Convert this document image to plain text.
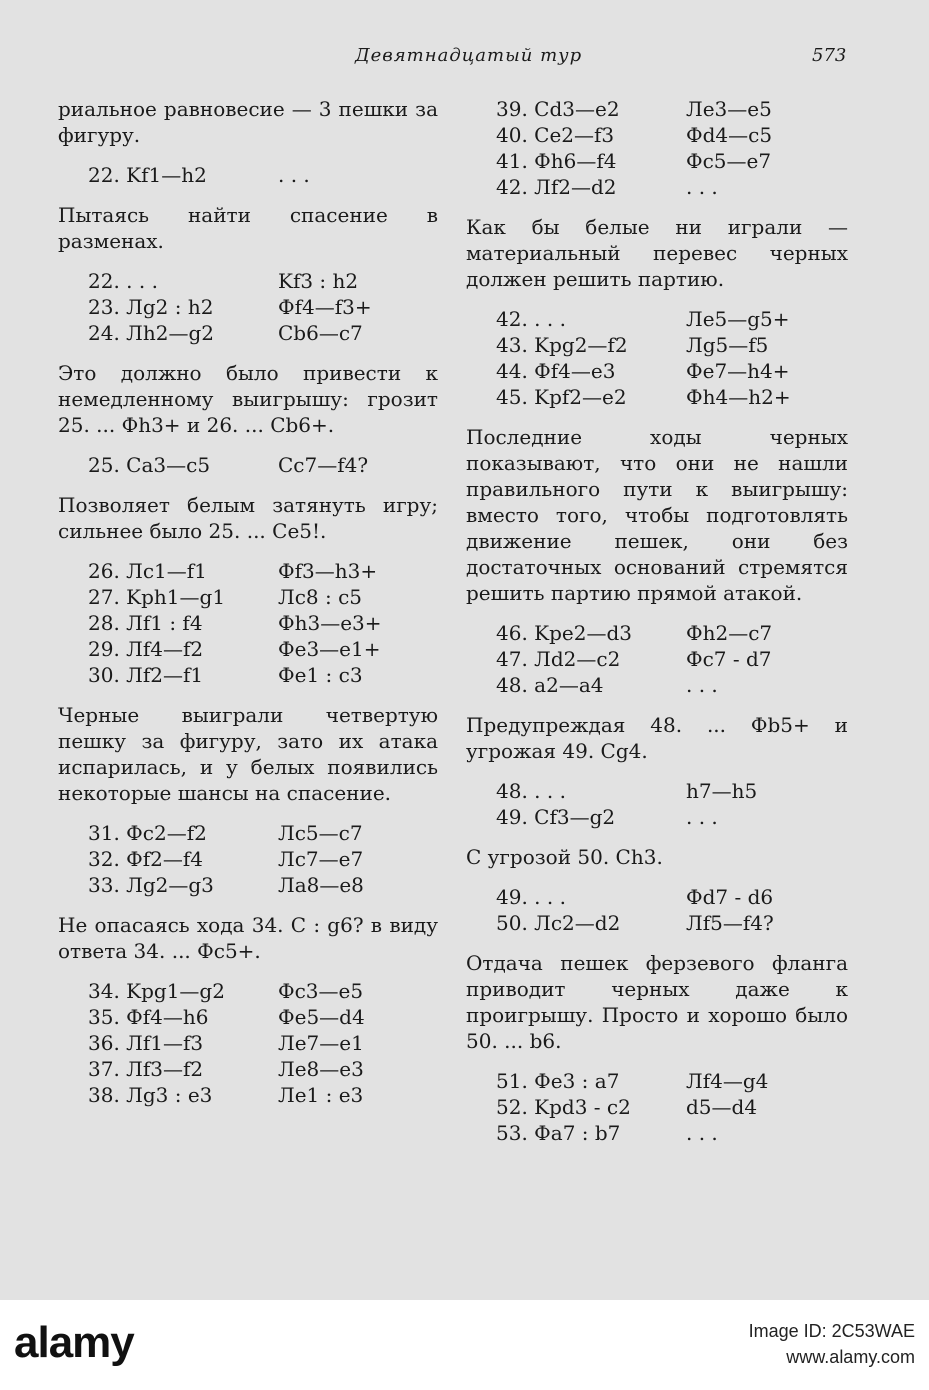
Девятнадцатый тур	573

риальное равновесие — 3 пешки за фигуру.

22. Kf1—h2	. . .

Пытаясь найти спасение в разменах.

22. . . .	Kf3 : h2
23. Лg2 : h2	Фf4—f3+
24. Лh2—g2	Cb6—c7

Это должно было привести к немедленному выигрышу: грозит 25. ... Фh3+ и 26. ... Cb6+.

25. Ca3—c5	Cc7—f4?

Позволяет белым затянуть игру; сильнее было 25. ... Ce5!.

26. Лc1—f1	Фf3—h3+
27. Kph1—g1	Лc8 : c5
28. Лf1 : f4	Фh3—e3+
29. Лf4—f2	Фe3—e1+
30. Лf2—f1	Фe1 : c3

Черные выиграли четвертую пешку за фигуру, зато их атака испарилась, и у белых появились некоторые шансы на спасение.

31. Фc2—f2	Лc5—c7
32. Фf2—f4	Лc7—e7
33. Лg2—g3	Лa8—e8

Не опасаясь хода 34. C : g6? в виду ответа 34. ... Фc5+.

34. Kpg1—g2	Фc3—e5
35. Фf4—h6	Фe5—d4
36. Лf1—f3	Лe7—e1
37. Лf3—f2	Лe8—e3
38. Лg3 : e3	Лe1 : e3
39. Cd3—e2	Лe3—e5
40. Ce2—f3	Фd4—c5
41. Фh6—f4	Фc5—e7
42. Лf2—d2	. . .

Как бы белые ни играли — материальный перевес черных должен решить партию.

42. . . .	Лe5—g5+
43. Kpg2—f2	Лg5—f5
44. Фf4—e3	Фe7—h4+
45. Kpf2—e2	Фh4—h2+

Последние ходы черных показывают, что они не нашли правильного пути к выигрышу: вместо того, чтобы подготовлять движение пешек, они без достаточных оснований стремятся решить партию прямой атакой.

46. Kpe2—d3	Фh2—c7
47. Лd2—c2	Фc7 - d7
48. a2—a4	. . .

Предупреждая 48. ... Фb5+ и угрожая 49. Cg4.

48. . . .	h7—h5
49. Cf3—g2	. . .

С угрозой 50. Ch3.

49. . . .	Фd7 - d6
50. Лc2—d2	Лf5—f4?

Отдача пешек ферзевого фланга приводит черных даже к проигрышу. Просто и хорошо было 50. ... b6.

51. Фe3 : a7	Лf4—g4
52. Kpd3 - c2	d5—d4
53. Фa7 : b7	. . .
alamy	Image ID: 2C53WAE
www.alamy.com
